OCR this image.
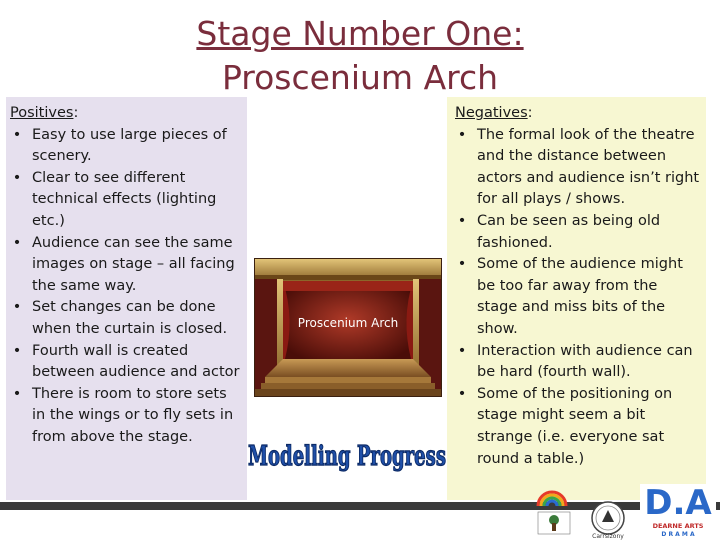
Stage Number One:
Proscenium Arch
Positives:
• Easy to use large pieces of scenery.
• Clear to see different technical effects (lighting etc.)
• Audience can see the same images on stage – all facing the same way.
• Set changes can be done when the curtain is closed.
• Fourth wall is created between audience and actor
• There is room to store sets in the wings or to fly sets in from above the stage.
Negatives:
• The formal look of the theatre and the distance between actors and audience isn’t right for all plays / shows.
• Can be seen as being old fashioned.
• Some of the audience might be too far away from the stage and miss bits of the show.
• Interaction with audience can be hard (fourth wall).
• Some of the positioning on stage might seem a bit strange (i.e. everyone sat round a table.)
Proscenium Arch
Modelling Progress
Carrsizony
D.A
DEARNE ARTS
D R A M A
